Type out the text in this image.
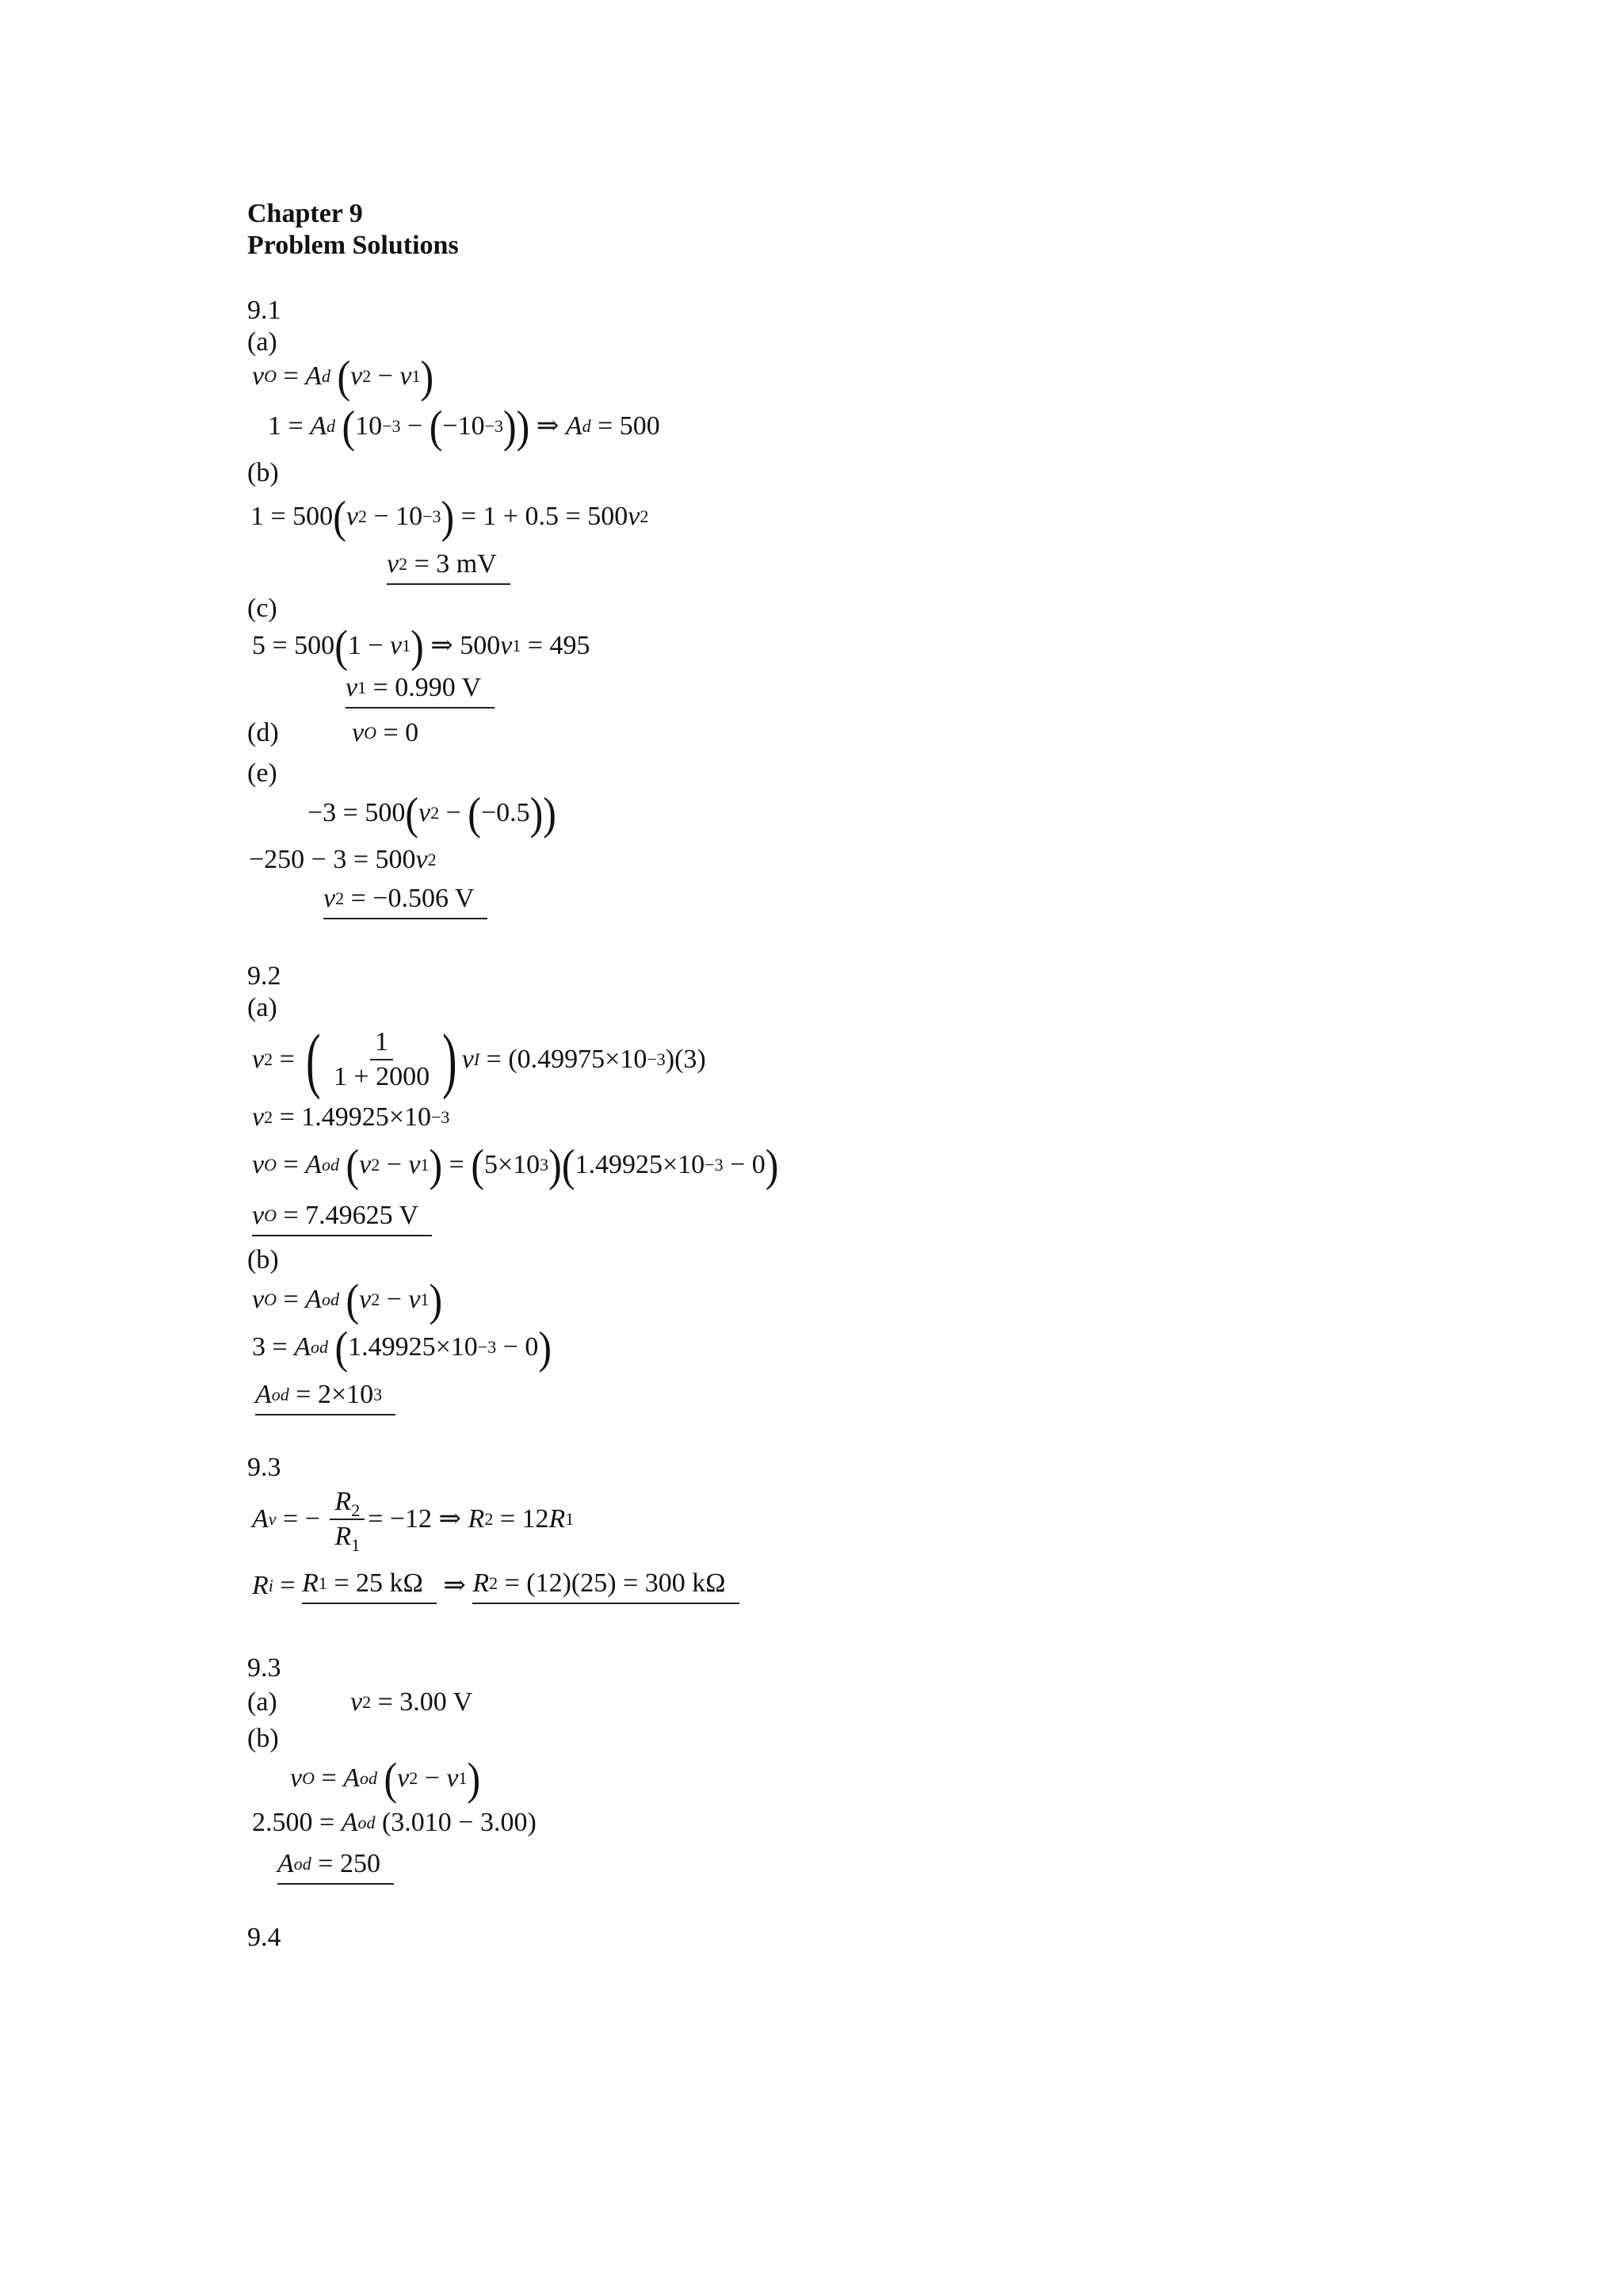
Chapter 9
Problem Solutions
9.1
(a)
v O = A d
( v 2 − v 1 )
1 = A d
( 10 −3 − ( −10 −3 )) ⇒ A d
= 500
(b)
1 = 500 ( v 2 − 10 −3 )
= 1 + 0.5 = 500 v 2
v 2
= 3 mV

(c)
5 = 500 ( 1 − v 1 ) ⇒ 500 v 1
= 495
v 1
= 0.990 V

(d)	v O
= 0
(e)
−3 = 500 ( v 2 − ( −0.5 ))
−250 − 3 = 500 v 2
v 2
= −0.506 V

9.2
(a)
v 2 = ( $\frac{1}{1 + 2000}$ ) v I
= (0.49975×10 −3 )(3)
v 2
= 1.49925×10 −3
v O = A od
( v 2 − v 1 ) = ( 5×10 3 )( 1.49925×10 −3 − 0 )
v O
= 7.49625 V

(b)
v O = A od
( v 2 − v 1 )
3 =
A od
( 1.49925×10 −3 − 0 )
A od
= 2×10 3

9.3
A v = − $\frac{R_2}{R_1} = -12$ ⇒
R 2
= 12 R 1
R i = R 1
= 25 kΩ
⇒ R 2
= (12)(25) = 300 kΩ

9.3
(a)	v 2
= 3.00 V
(b)
v O = A od
( v 2 − v 1 )
2.500 =
A od
(3.010 − 3.00)
A od
= 250

9.4
